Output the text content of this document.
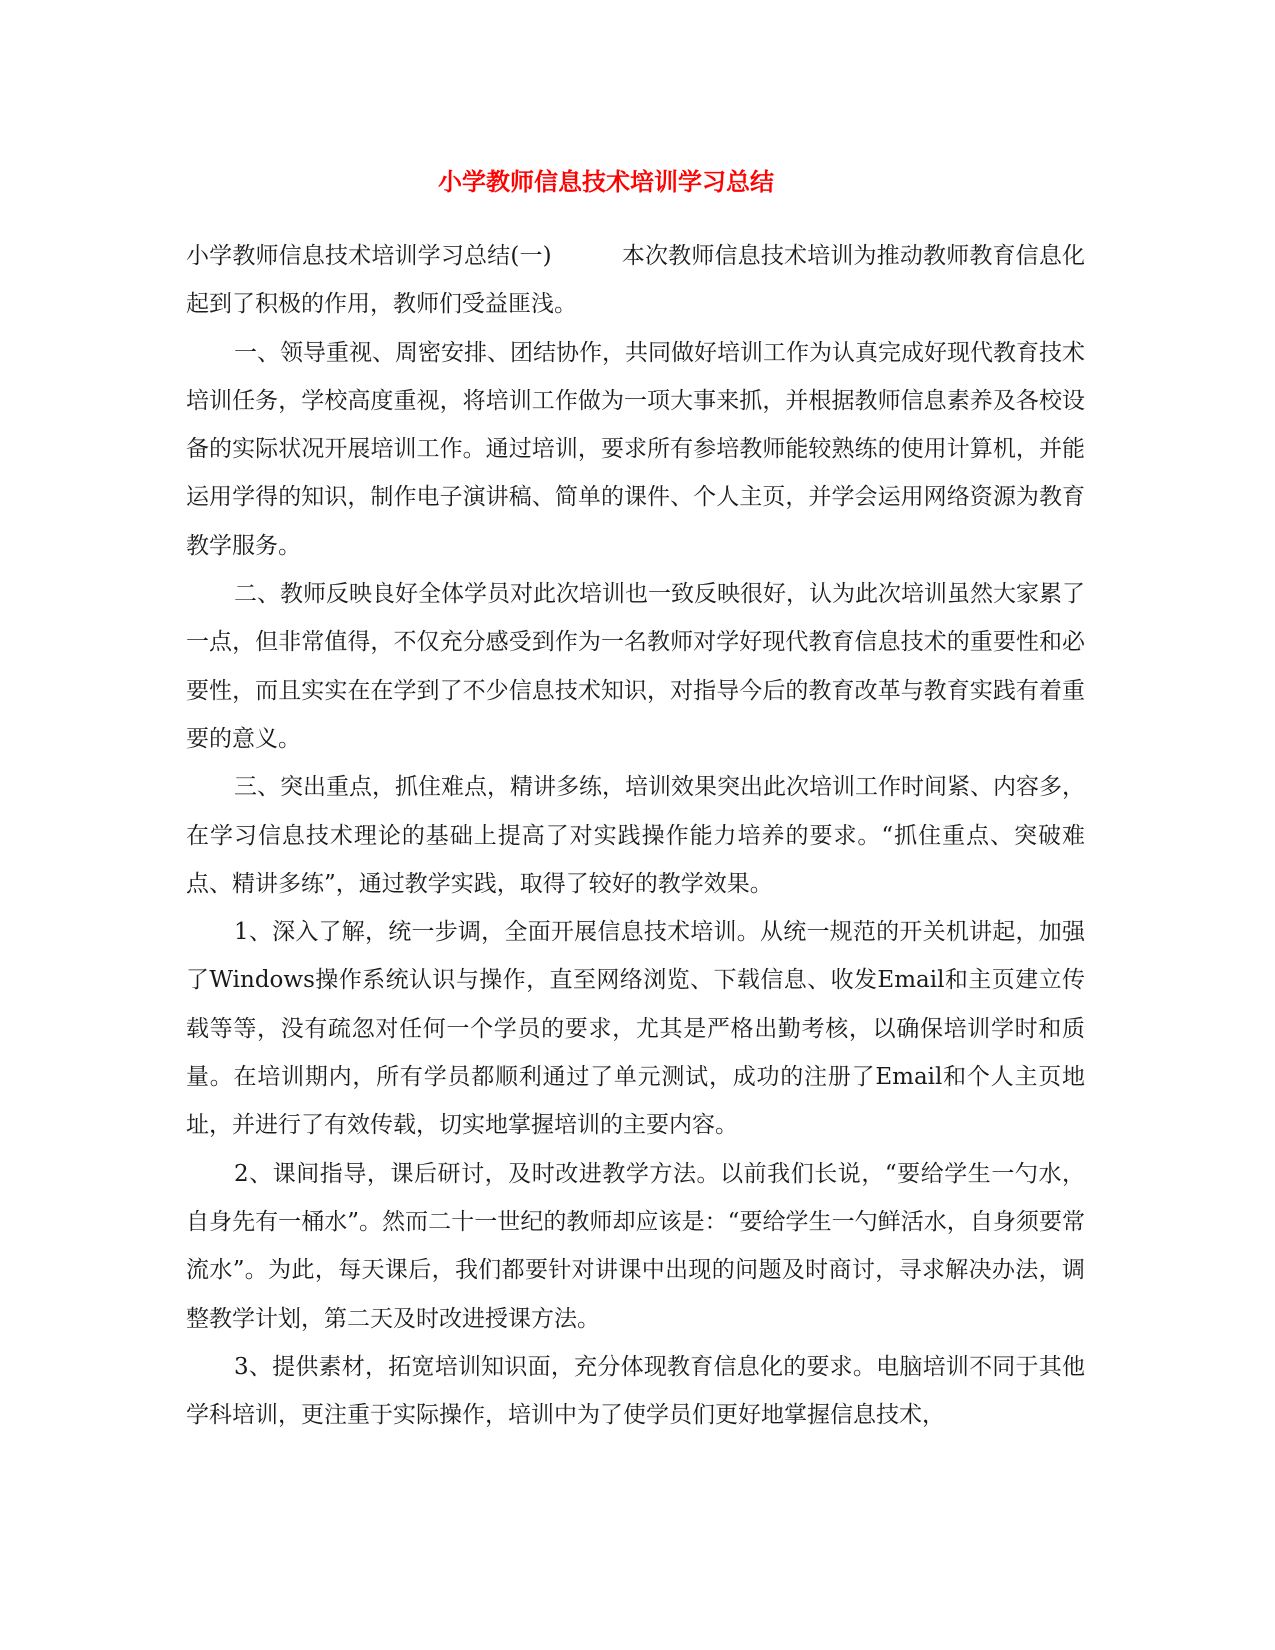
小学教师信息技术培训学习总结

小学教师信息技术培训学习总结(一)	本次教师信息技术培训为推动教师教育信息化起到了积极的作用，教师们受益匪浅。

一、领导重视、周密安排、团结协作，共同做好培训工作为认真完成好现代教育技术培训任务，学校高度重视，将培训工作做为一项大事来抓，并根据教师信息素养及各校设备的实际状况开展培训工作。通过培训，要求所有参培教师能较熟练的使用计算机，并能运用学得的知识，制作电子演讲稿、简单的课件、个人主页，并学会运用网络资源为教育教学服务。

二、教师反映良好全体学员对此次培训也一致反映很好，认为此次培训虽然大家累了一点，但非常值得，不仅充分感受到作为一名教师对学好现代教育信息技术的重要性和必要性，而且实实在在学到了不少信息技术知识，对指导今后的教育改革与教育实践有着重要的意义。

三、突出重点，抓住难点，精讲多练，培训效果突出此次培训工作时间紧、内容多，在学习信息技术理论的基础上提高了对实践操作能力培养的要求。“抓住重点、突破难点、精讲多练”，通过教学实践，取得了较好的教学效果。

1、深入了解，统一步调，全面开展信息技术培训。从统一规范的开关机讲起，加强了Windows操作系统认识与操作，直至网络浏览、下载信息、收发Email和主页建立传载等等，没有疏忽对任何一个学员的要求，尤其是严格出勤考核，以确保培训学时和质量。在培训期内，所有学员都顺利通过了单元测试，成功的注册了Email和个人主页地址，并进行了有效传载，切实地掌握培训的主要内容。

2、课间指导，课后研讨，及时改进教学方法。以前我们长说，“要给学生一勺水，自身先有一桶水”。然而二十一世纪的教师却应该是：“要给学生一勺鲜活水，自身须要常流水”。为此，每天课后，我们都要针对讲课中出现的问题及时商讨，寻求解决办法，调整教学计划，第二天及时改进授课方法。

3、提供素材，拓宽培训知识面，充分体现教育信息化的要求。电脑培训不同于其他学科培训，更注重于实际操作，培训中为了使学员们更好地掌握信息技术，
